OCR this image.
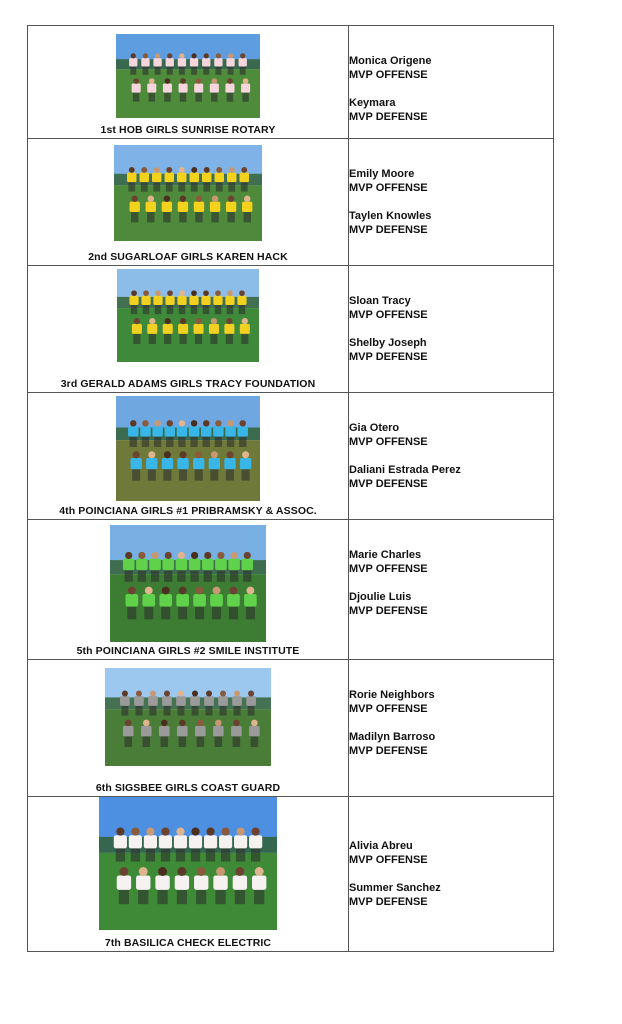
1st HOB GIRLS SUNRISE ROTARY	Monica Origene
MVP OFFENSE
Keymara
MVP DEFENSE

2nd SUGARLOAF GIRLS KAREN HACK	Emily Moore
MVP OFFENSE
Taylen Knowles
MVP DEFENSE

3rd GERALD ADAMS GIRLS TRACY FOUNDATION	Sloan Tracy
MVP OFFENSE
Shelby Joseph
MVP DEFENSE

4th POINCIANA GIRLS #1 PRIBRAMSKY & ASSOC.	Gia Otero
MVP OFFENSE
Daliani Estrada Perez
MVP DEFENSE

5th POINCIANA GIRLS #2 SMILE INSTITUTE	Marie Charles
MVP OFFENSE
Djoulie Luis
MVP DEFENSE

6th SIGSBEE GIRLS COAST GUARD	Rorie Neighbors
MVP OFFENSE
Madilyn Barroso
MVP DEFENSE

7th BASILICA CHECK ELECTRIC	Alivia Abreu
MVP OFFENSE
Summer Sanchez
MVP DEFENSE
